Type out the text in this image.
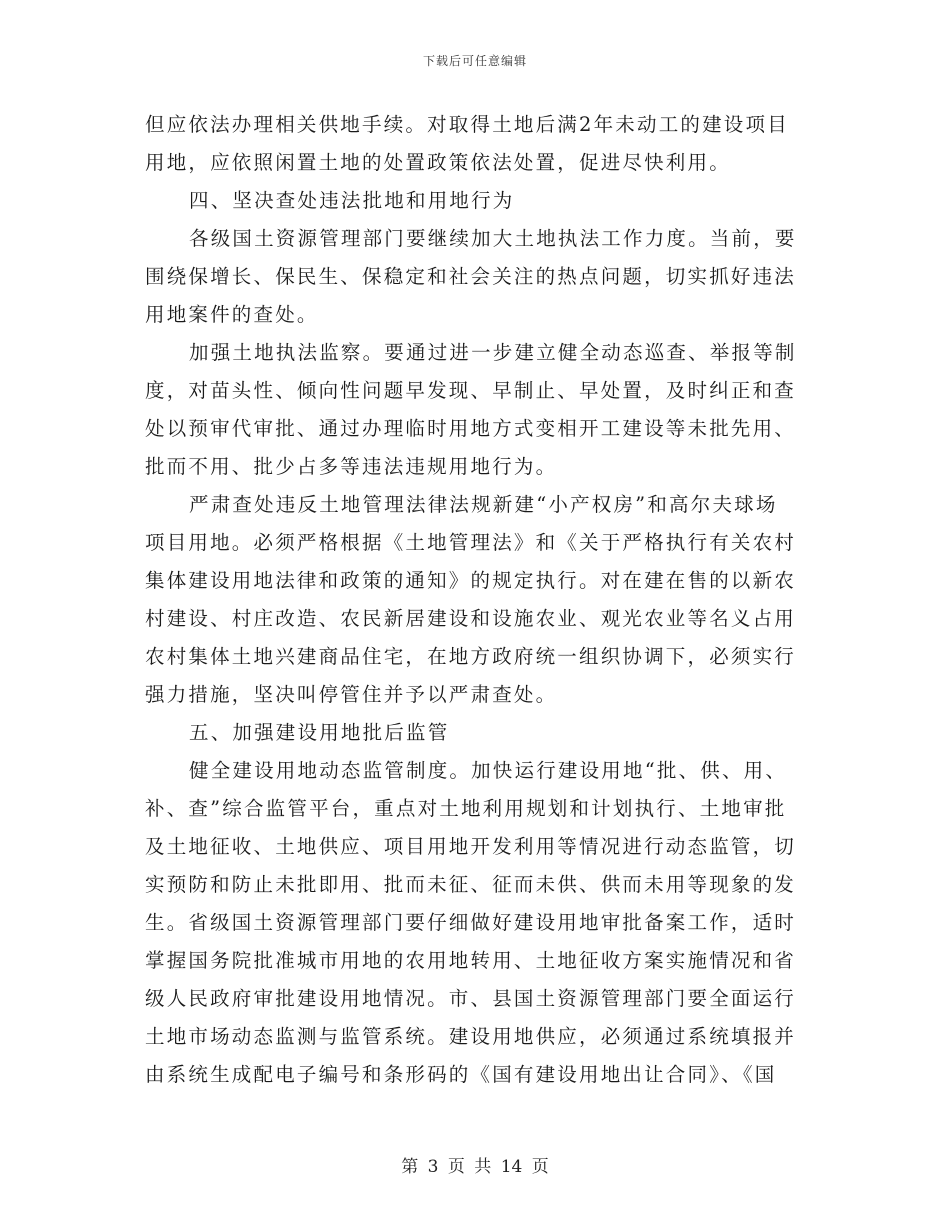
下载后可任意编辑
但应依法办理相关供地手续。对取得土地后满2年未动工的建设项目
用地，应依照闲置土地的处置政策依法处置，促进尽快利用。
四、坚决查处违法批地和用地行为
各级国土资源管理部门要继续加大土地执法工作力度。当前，要
围绕保增长、保民生、保稳定和社会关注的热点问题，切实抓好违法
用地案件的查处。
加强土地执法监察。要通过进一步建立健全动态巡查、举报等制
度，对苗头性、倾向性问题早发现、早制止、早处置，及时纠正和查
处以预审代审批、通过办理临时用地方式变相开工建设等未批先用、
批而不用、批少占多等违法违规用地行为。
严肃查处违反土地管理法律法规新建“小产权房”和高尔夫球场
项目用地。必须严格根据《土地管理法》和《关于严格执行有关农村
集体建设用地法律和政策的通知》的规定执行。对在建在售的以新农
村建设、村庄改造、农民新居建设和设施农业、观光农业等名义占用
农村集体土地兴建商品住宅，在地方政府统一组织协调下，必须实行
强力措施，坚决叫停管住并予以严肃查处。
五、加强建设用地批后监管
健全建设用地动态监管制度。加快运行建设用地“批、供、用、
补、查”综合监管平台，重点对土地利用规划和计划执行、土地审批
及土地征收、土地供应、项目用地开发利用等情况进行动态监管，切
实预防和防止未批即用、批而未征、征而未供、供而未用等现象的发
生。省级国土资源管理部门要仔细做好建设用地审批备案工作，适时
掌握国务院批准城市用地的农用地转用、土地征收方案实施情况和省
级人民政府审批建设用地情况。市、县国土资源管理部门要全面运行
土地市场动态监测与监管系统。建设用地供应，必须通过系统填报并
由系统生成配电子编号和条形码的《国有建设用地出让合同》、《国
第 3 页 共 14 页
